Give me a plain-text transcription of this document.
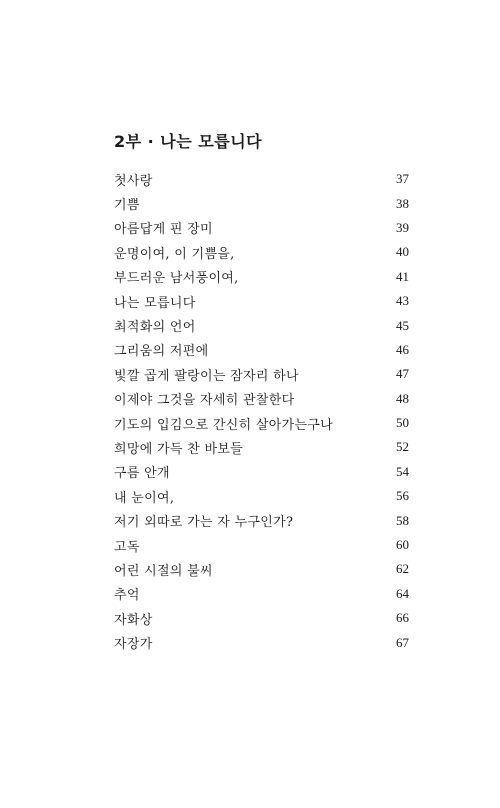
2부 · 나는 모릅니다
첫사랑	37
기쁨	38
아름답게 핀 장미	39
운명이여, 이 기쁨을,	40
부드러운 남서풍이여,	41
나는 모릅니다	43
최적화의 언어	45
그리움의 저편에	46
빛깔 곱게 팔랑이는 잠자리 하나	47
이제야 그것을 자세히 관찰한다	48
기도의 입김으로 간신히 살아가는구나	50
희망에 가득 찬 바보들	52
구름 안개	54
내 눈이여,	56
저기 외따로 가는 자 누구인가?	58
고독	60
어린 시절의 불씨	62
추억	64
자화상	66
자장가	67
